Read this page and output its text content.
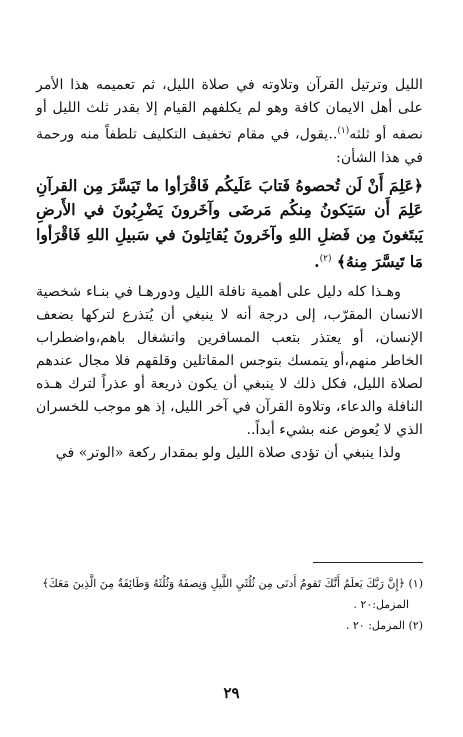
الليل وترتيل القرآن وتلاوته في صلاة الليل، ثم تعميمه هذا الأمر على أهل الايمان كافة وهو لم يكلفهم القيام إلا بقدر ثلث الليل أو نصفه أو ثلثه$^{(١)}$..يقول، في مقام تخفيف التكليف تلطفاً منه ورحمة في هذا الشأن:

﴿عَلِمَ أَنْ لَن تُحصوهُ فَتابَ عَلَيكُم فَاقْرَأوا ما تَيَسَّرَ مِن القرآنِ عَلِمَ أَن سَيَكونُ مِنكُم مَرضَى وآخَرونَ يَضْرِبُونَ في الأَرضِ يَبتَغونَ مِن فَضلِ اللهِ وآخَرونَ يُقاتِلونَ في سَبيلِ اللهِ فَاقْرَأوا مَا تَيسَّرَ مِنهُ﴾ $^{(٢)}$.

وهـذا كله دليل على أهمية نافلة الليل ودورهـا في بنـاء شخصية الانسان المقرّب، إلى درجة أنه لا ينبغي أن يُتذرع لتركها بضعف الإنسان، أو يعتذر بتعب المسافرين وانشغال باهم،واضطراب الخاطر منهم،أو يتمسك بتوجس المقاتلين وقلقهم فلا مجال عندهم لصلاة الليل، فكل ذلك لا ينبغي أن يكون ذريعة أو عذراً لترك هـذه النافلة والدعاء، وتلاوة القرآن في آخر الليل، إذ هو موجب للخسران الذي لا يُعوض عنه بشيء أبداً..

ولذا ينبغي أن تؤدى صلاة الليل ولو بمقدار ركعة «الوتر» في

(١) ﴿إِنَّ رَبَّكَ يَعلَمُ أَنَّكَ تَقومُ أَدنَى مِن ثُلُثَيِ اللَّيلِ وَنِصفَهُ وَثُلُثَهُ وَطَائِفَةٌ مِنَ الَّذِينَ مَعَكَ﴾

المزمل:٢٠ .

(٢) المزمل: ٢٠ .

٢٩
